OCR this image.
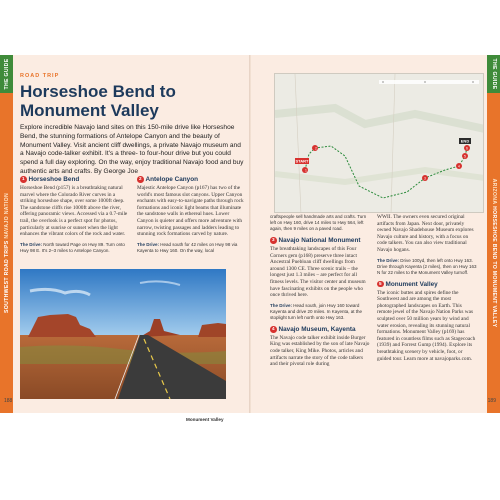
THE GUIDE
SOUTHWEST ROAD TRIPS NAVAJO NATION
ROAD TRIP
Horseshoe Bend to Monument Valley
Explore incredible Navajo land sites on this 150-mile drive like Horseshoe Bend, the stunning formations of Antelope Canyon and the beauty of Monument Valley. Visit ancient cliff dwellings, a private Navajo museum and a Navajo code-talker exhibit. It's a three- to four-hour drive but you could spend a full day exploring. On the way, enjoy traditional Navajo food and buy authentic arts and crafts. By George Joe
1 Horseshoe Bend
Horseshoe Bend (p157) is a breathtaking natural marvel where the Colorado River curves in a striking horseshoe shape, over some 1000ft deep. The sandstone cliffs rise 1000ft above the river, offering panoramic views. Accessed via a 0.7-mile trail, the overlook is a perfect spot for photos, particularly at sunrise or sunset when the light enhances the vibrant colors of the rock and water.
The Drive: North toward Page on Hwy 89. Turn onto Hwy 98 E. It's 2–3 miles to Antelope Canyon.
2 Antelope Canyon
Majestic Antelope Canyon (p167) has two of the world's most famous slot canyons. Upper Canyon enchants with easy-to-navigate paths through rock formations and iconic light beams that illuminate the sandstone walls in ethereal hues. Lower Canyon is quieter and offers more adventure with narrow, twisting passages and ladders leading to stunning rock formations carved by nature.
The Drive: Head south for 42 miles on Hwy 98 via Kayenta to Hwy 160. On the way, local
Monument Valley
188
THE GUIDE
ARIZONA HORSESHOE BEND TO MONUMENT VALLEY
1
2
3
4
5
6
START
END
craftspeople sell handmade arts and crafts. Turn left on Hwy 160, drive 14 miles to Hwy 564, left again, then 9 miles on a paved road.
3 Navajo National Monument
The breathtaking landscapes of this Four Corners gem (p168) preserve three intact Ancestral Puebloan cliff dwellings from around 1300 CE. Three scenic trails – the longest just 1.3 miles – are perfect for all fitness levels. The visitor center and museum have fascinating exhibits on the people who once thrived here.
The Drive: Head south, join Hwy 160 toward Kayenta and drive 20 miles. In Kayenta, at the stoplight turn left north onto Hwy 163.
4 Navajo Museum, Kayenta
The Navajo code talker exhibit inside Burger King was established by the son of late Navajo code talker, King Mike. Photos, articles and artifacts narrate the story of the code talkers and their pivotal role during
WWII. The owners even secured original artifacts from Japan. Next door, privately owned Navajo Shadehouse Museum explores Navajo culture and history, with a focus on code talkers. You can also view traditional Navajo hogans.
The Drive: Drive 100yd, then left onto Hwy 163. Drive through Kayenta (2 miles), then on Hwy 163 N for 22 miles to the Monument Valley turnoff.
5 Monument Valley
The iconic buttes and spires define the Southwest and are among the most photographed landscapes on Earth. This remote jewel of the Navajo Nation Parks was sculpted over 50 million years by wind and water erosion, revealing its stunning natural formations. Monument Valley (p169) has featured in countless films such as Stagecoach (1939) and Forrest Gump (1994). Explore its breathtaking scenery by vehicle, foot, or guided tour. Learn more at navajoparks.com.
189
